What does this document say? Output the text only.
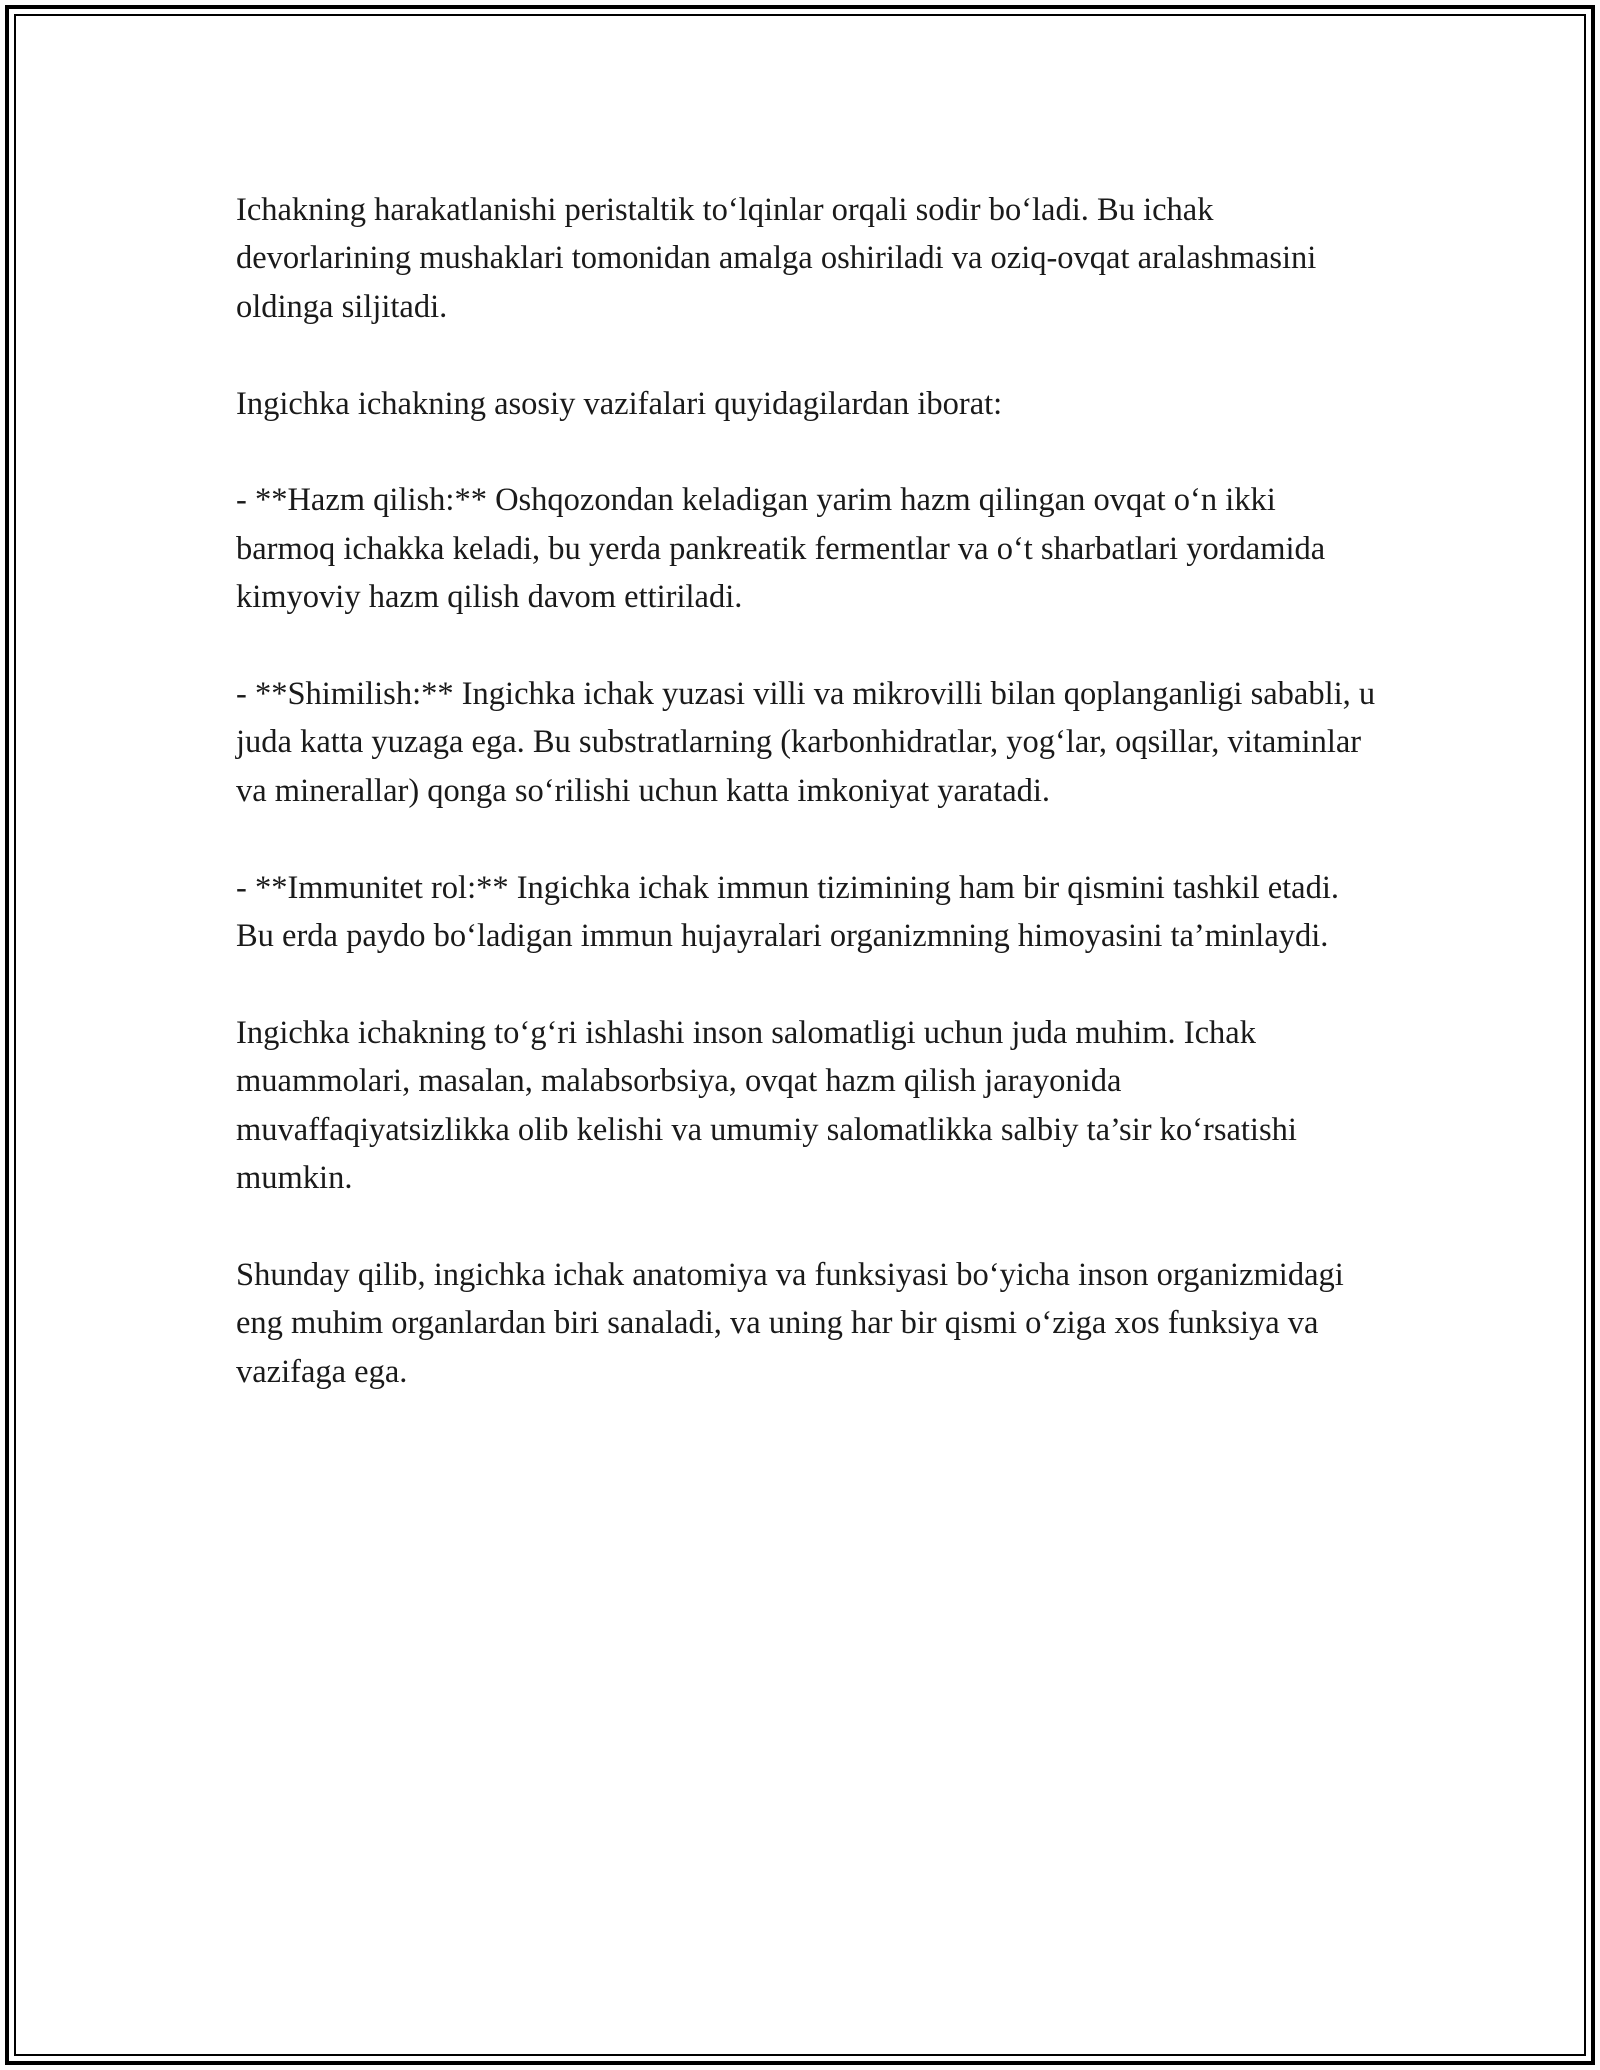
Ichakning harakatlanishi peristaltik to‘lqinlar orqali sodir bo‘ladi. Bu ichak devorlarining mushaklari tomonidan amalga oshiriladi va oziq-ovqat aralashmasini oldinga siljitadi.

Ingichka ichakning asosiy vazifalari quyidagilardan iborat:

- **Hazm qilish:** Oshqozondan keladigan yarim hazm qilingan ovqat o‘n ikki barmoq ichakka keladi, bu yerda pankreatik fermentlar va o‘t sharbatlari yordamida kimyoviy hazm qilish davom ettiriladi.

- **Shimilish:** Ingichka ichak yuzasi villi va mikrovilli bilan qoplanganligi sababli, u juda katta yuzaga ega. Bu substratlarning (karbonhidratlar, yog‘lar, oqsillar, vitaminlar va minerallar) qonga so‘rilishi uchun katta imkoniyat yaratadi.

- **Immunitet rol:** Ingichka ichak immun tizimining ham bir qismini tashkil etadi. Bu erda paydo bo‘ladigan immun hujayralari organizmning himoyasini ta’minlaydi.

Ingichka ichakning to‘g‘ri ishlashi inson salomatligi uchun juda muhim. Ichak muammolari, masalan, malabsorbsiya, ovqat hazm qilish jarayonida muvaffaqiyatsizlikka olib kelishi va umumiy salomatlikka salbiy ta’sir ko‘rsatishi mumkin.

Shunday qilib, ingichka ichak anatomiya va funksiyasi bo‘yicha inson organizmidagi eng muhim organlardan biri sanaladi, va uning har bir qismi o‘ziga xos funksiya va vazifaga ega.
